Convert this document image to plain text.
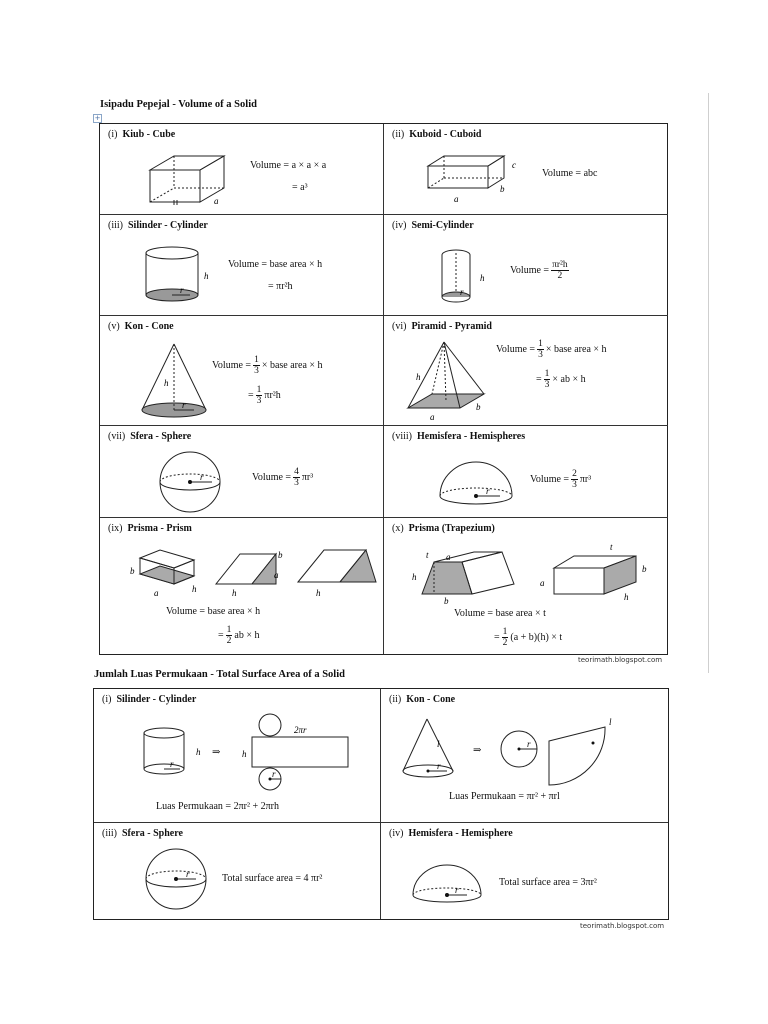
Isipadu Pepejal - Volume of a Solid
+
(i) Kiub - Cube
a
Volume = a × a × a
= a³
(ii) Kuboid - Cuboid
a
b
c
Volume = abc
(iii) Silinder - Cylinder
h
r
Volume = base area × h
= πr²h
(iv) Semi-Cylinder
h
r
Volume = $\frac{\text{πr²h}}{2}$
(v) Kon - Cone
h
r
Volume = $\frac{1}{3}$ × base area × h
= $\frac{1}{3} \pi r^2h$
(vi) Piramid - Pyramid
h
a
b
Volume = $\frac{1}{3}$ × base area × h
= $\frac{1}{3}$ × ab × h
(vii) Sfera - Sphere
r	Volume = $\frac{4}{3} \pi r^3$
(viii) Hemisfera - Hemispheres
r
Volume = $\frac{2}{3} \pi r^3$
(ix) Prisma - Prism
b
a	h
b
h
a
h
Volume = base area × h
= $\frac{1}{2}$ ab × h
(x) Prisma (Trapezium)
t a
h
b
t
a
b
h
Volume = base area × t
= $\frac{1}{2} (a + b)(h) \times t$
teorimath.blogspot.com
Jumlah Luas Permukaan - Total Surface Area of a Solid
(i) Silinder - Cylinder
h
r
⇒ h
2πr
r
Luas Permukaan = 2πr² + 2πrh
(ii) Kon - Cone
l
r
⇒
r
l
Luas Permukaan = πr² + πrl
(iii) Sfera - Sphere
r	Total surface area = 4 πr²
(iv) Hemisfera - Hemisphere
r
Total surface area = 3πr²
teorimath.blogspot.com
